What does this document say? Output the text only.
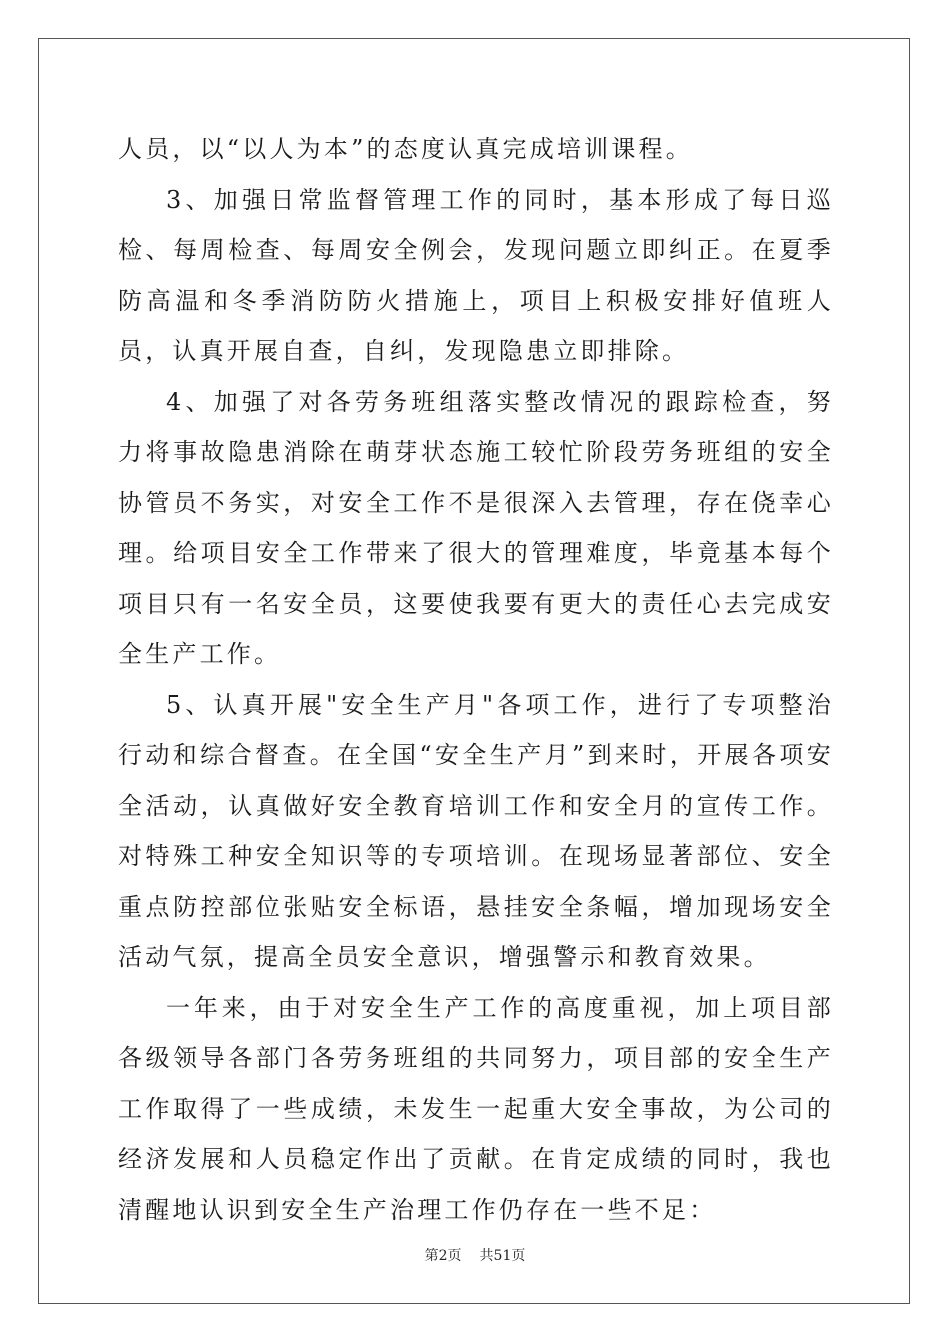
人员，以“以人为本”的态度认真完成培训课程。

3、加强日常监督管理工作的同时，基本形成了每日巡检、每周检查、每周安全例会，发现问题立即纠正。在夏季防高温和冬季消防防火措施上，项目上积极安排好值班人员，认真开展自查，自纠，发现隐患立即排除。

4、加强了对各劳务班组落实整改情况的跟踪检查，努力将事故隐患消除在萌芽状态施工较忙阶段劳务班组的安全协管员不务实，对安全工作不是很深入去管理，存在侥幸心理。给项目安全工作带来了很大的管理难度，毕竟基本每个项目只有一名安全员，这要使我要有更大的责任心去完成安全生产工作。

5、认真开展"安全生产月"各项工作，进行了专项整治行动和综合督查。在全国“安全生产月”到来时，开展各项安全活动，认真做好安全教育培训工作和安全月的宣传工作。对特殊工种安全知识等的专项培训。在现场显著部位、安全重点防控部位张贴安全标语，悬挂安全条幅，增加现场安全活动气氛，提高全员安全意识，增强警示和教育效果。

一年来，由于对安全生产工作的高度重视，加上项目部各级领导各部门各劳务班组的共同努力，项目部的安全生产工作取得了一些成绩，未发生一起重大安全事故，为公司的经济发展和人员稳定作出了贡献。在肯定成绩的同时，我也清醒地认识到安全生产治理工作仍存在一些不足：

第2页 共51页
